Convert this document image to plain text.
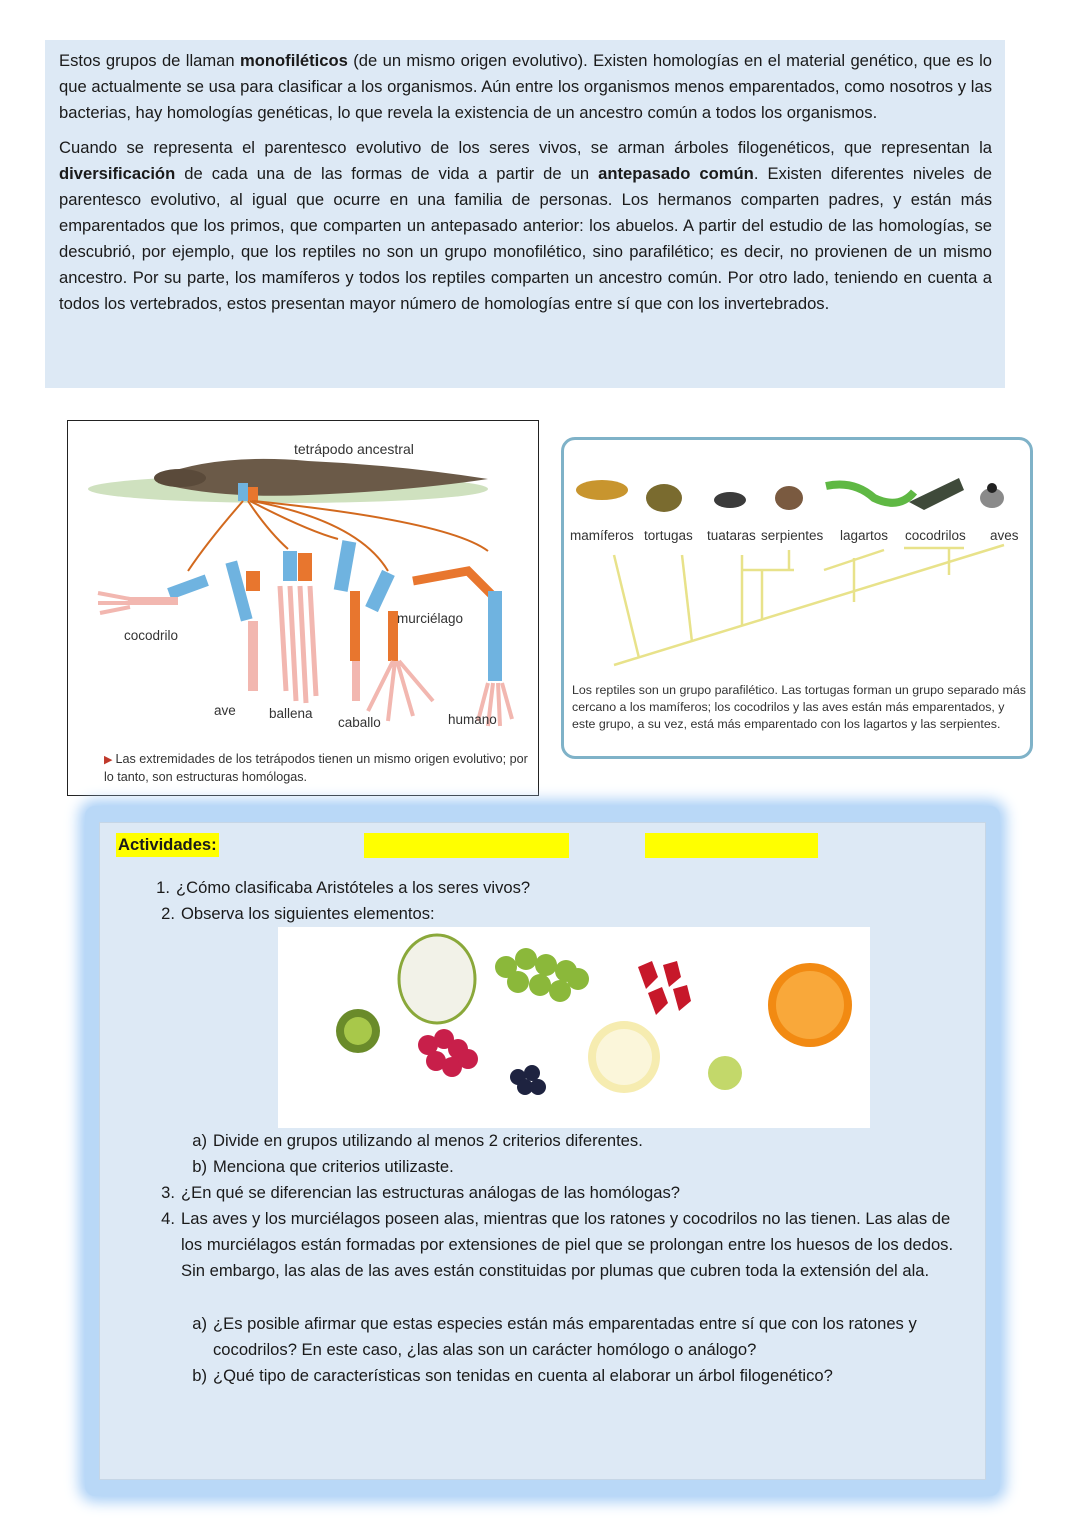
Estos grupos de llaman monofiléticos (de un mismo origen evolutivo). Existen homologías en el material genético, que es lo que actualmente se usa para clasificar a los organismos. Aún entre los organismos menos emparentados, como nosotros y las bacterias, hay homologías genéticas, lo que revela la existencia de un ancestro común a todos los organismos.

Cuando se representa el parentesco evolutivo de los seres vivos, se arman árboles filogenéticos, que representan la diversificación de cada una de las formas de vida a partir de un antepasado común. Existen diferentes niveles de parentesco evolutivo, al igual que ocurre en una familia de personas. Los hermanos comparten padres, y están más emparentados que los primos, que comparten un antepasado anterior: los abuelos. A partir del estudio de las homologías, se descubrió, por ejemplo, que los reptiles no son un grupo monofilético, sino parafilético; es decir, no provienen de un mismo ancestro. Por su parte, los mamíferos y todos los reptiles comparten un ancestro común. Por otro lado, teniendo en cuenta a todos los vertebrados, estos presentan mayor número de homologías entre sí que con los invertebrados.

tetrápodo ancestral
cocodrilo
murciélago
ave ballena
caballo	humano
▶ Las extremidades de los tetrápodos tienen un mismo origen evolutivo; por lo tanto, son estructuras homólogas.
mamíferos tortugas tuataras serpientes lagartos cocodrilos aves
Los reptiles son un grupo parafilético. Las tortugas forman un grupo separado más cercano a los mamíferos; los cocodrilos y las aves están más emparentados, y este grupo, a su vez, está más emparentado con los lagartos y las serpientes.
Actividades:
1. ¿Cómo clasificaba Aristóteles a los seres vivos?
2. Observa los siguientes elementos:
a) Divide en grupos utilizando al menos 2 criterios diferentes.
b) Menciona que criterios utilizaste.
3. ¿En qué se diferencian las estructuras análogas de las homólogas?
4. Las aves y los murciélagos poseen alas, mientras que los ratones y cocodrilos no las tienen. Las alas de los murciélagos están formadas por extensiones de piel que se prolongan entre los huesos de los dedos. Sin embargo, las alas de las aves están constituidas por plumas que cubren toda la extensión del ala.
a) ¿Es posible afirmar que estas especies están más emparentadas entre sí que con los ratones y cocodrilos? En este caso, ¿las alas son un carácter homólogo o análogo?
b) ¿Qué tipo de características son tenidas en cuenta al elaborar un árbol filogenético?
